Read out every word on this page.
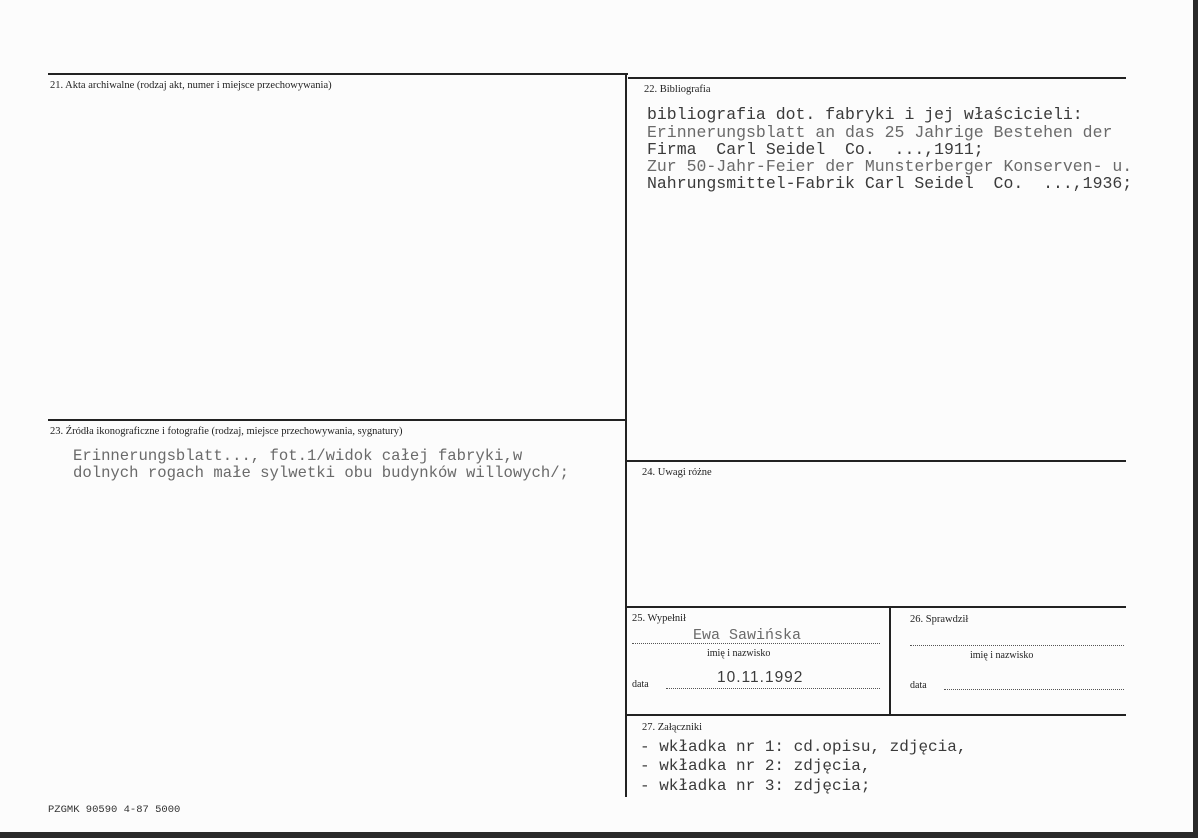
21. Akta archiwalne (rodzaj akt, numer i miejsce przechowywania)	22. Bibliografia
bibliografia dot. fabryki i jej właścicieli:
Erinnerungsblatt an das 25 Jahrige Bestehen der
Firma  Carl Seidel  Co.  ...,1911;
Zur 50-Jahr-Feier der Munsterberger Konserven- u.
Nahrungsmittel-Fabrik Carl Seidel  Co.  ...,1936;
23. Źródła ikonograficzne i fotografie (rodzaj, miejsce przechowywania, sygnatury)
Erinnerungsblatt..., fot.1/widok całej fabryki,w
dolnych rogach małe sylwetki obu budynków willowych/;	24. Uwagi różne
25. Wypełnił
Ewa Sawińska
imię i nazwisko
data	10.11.1992
26. Sprawdził
imię i nazwisko
data
27. Załączniki
- wkładka nr 1: cd.opisu, zdjęcia,
- wkładka nr 2: zdjęcia,
- wkładka nr 3: zdjęcia;
PZGMK 90590 4-87 5000
